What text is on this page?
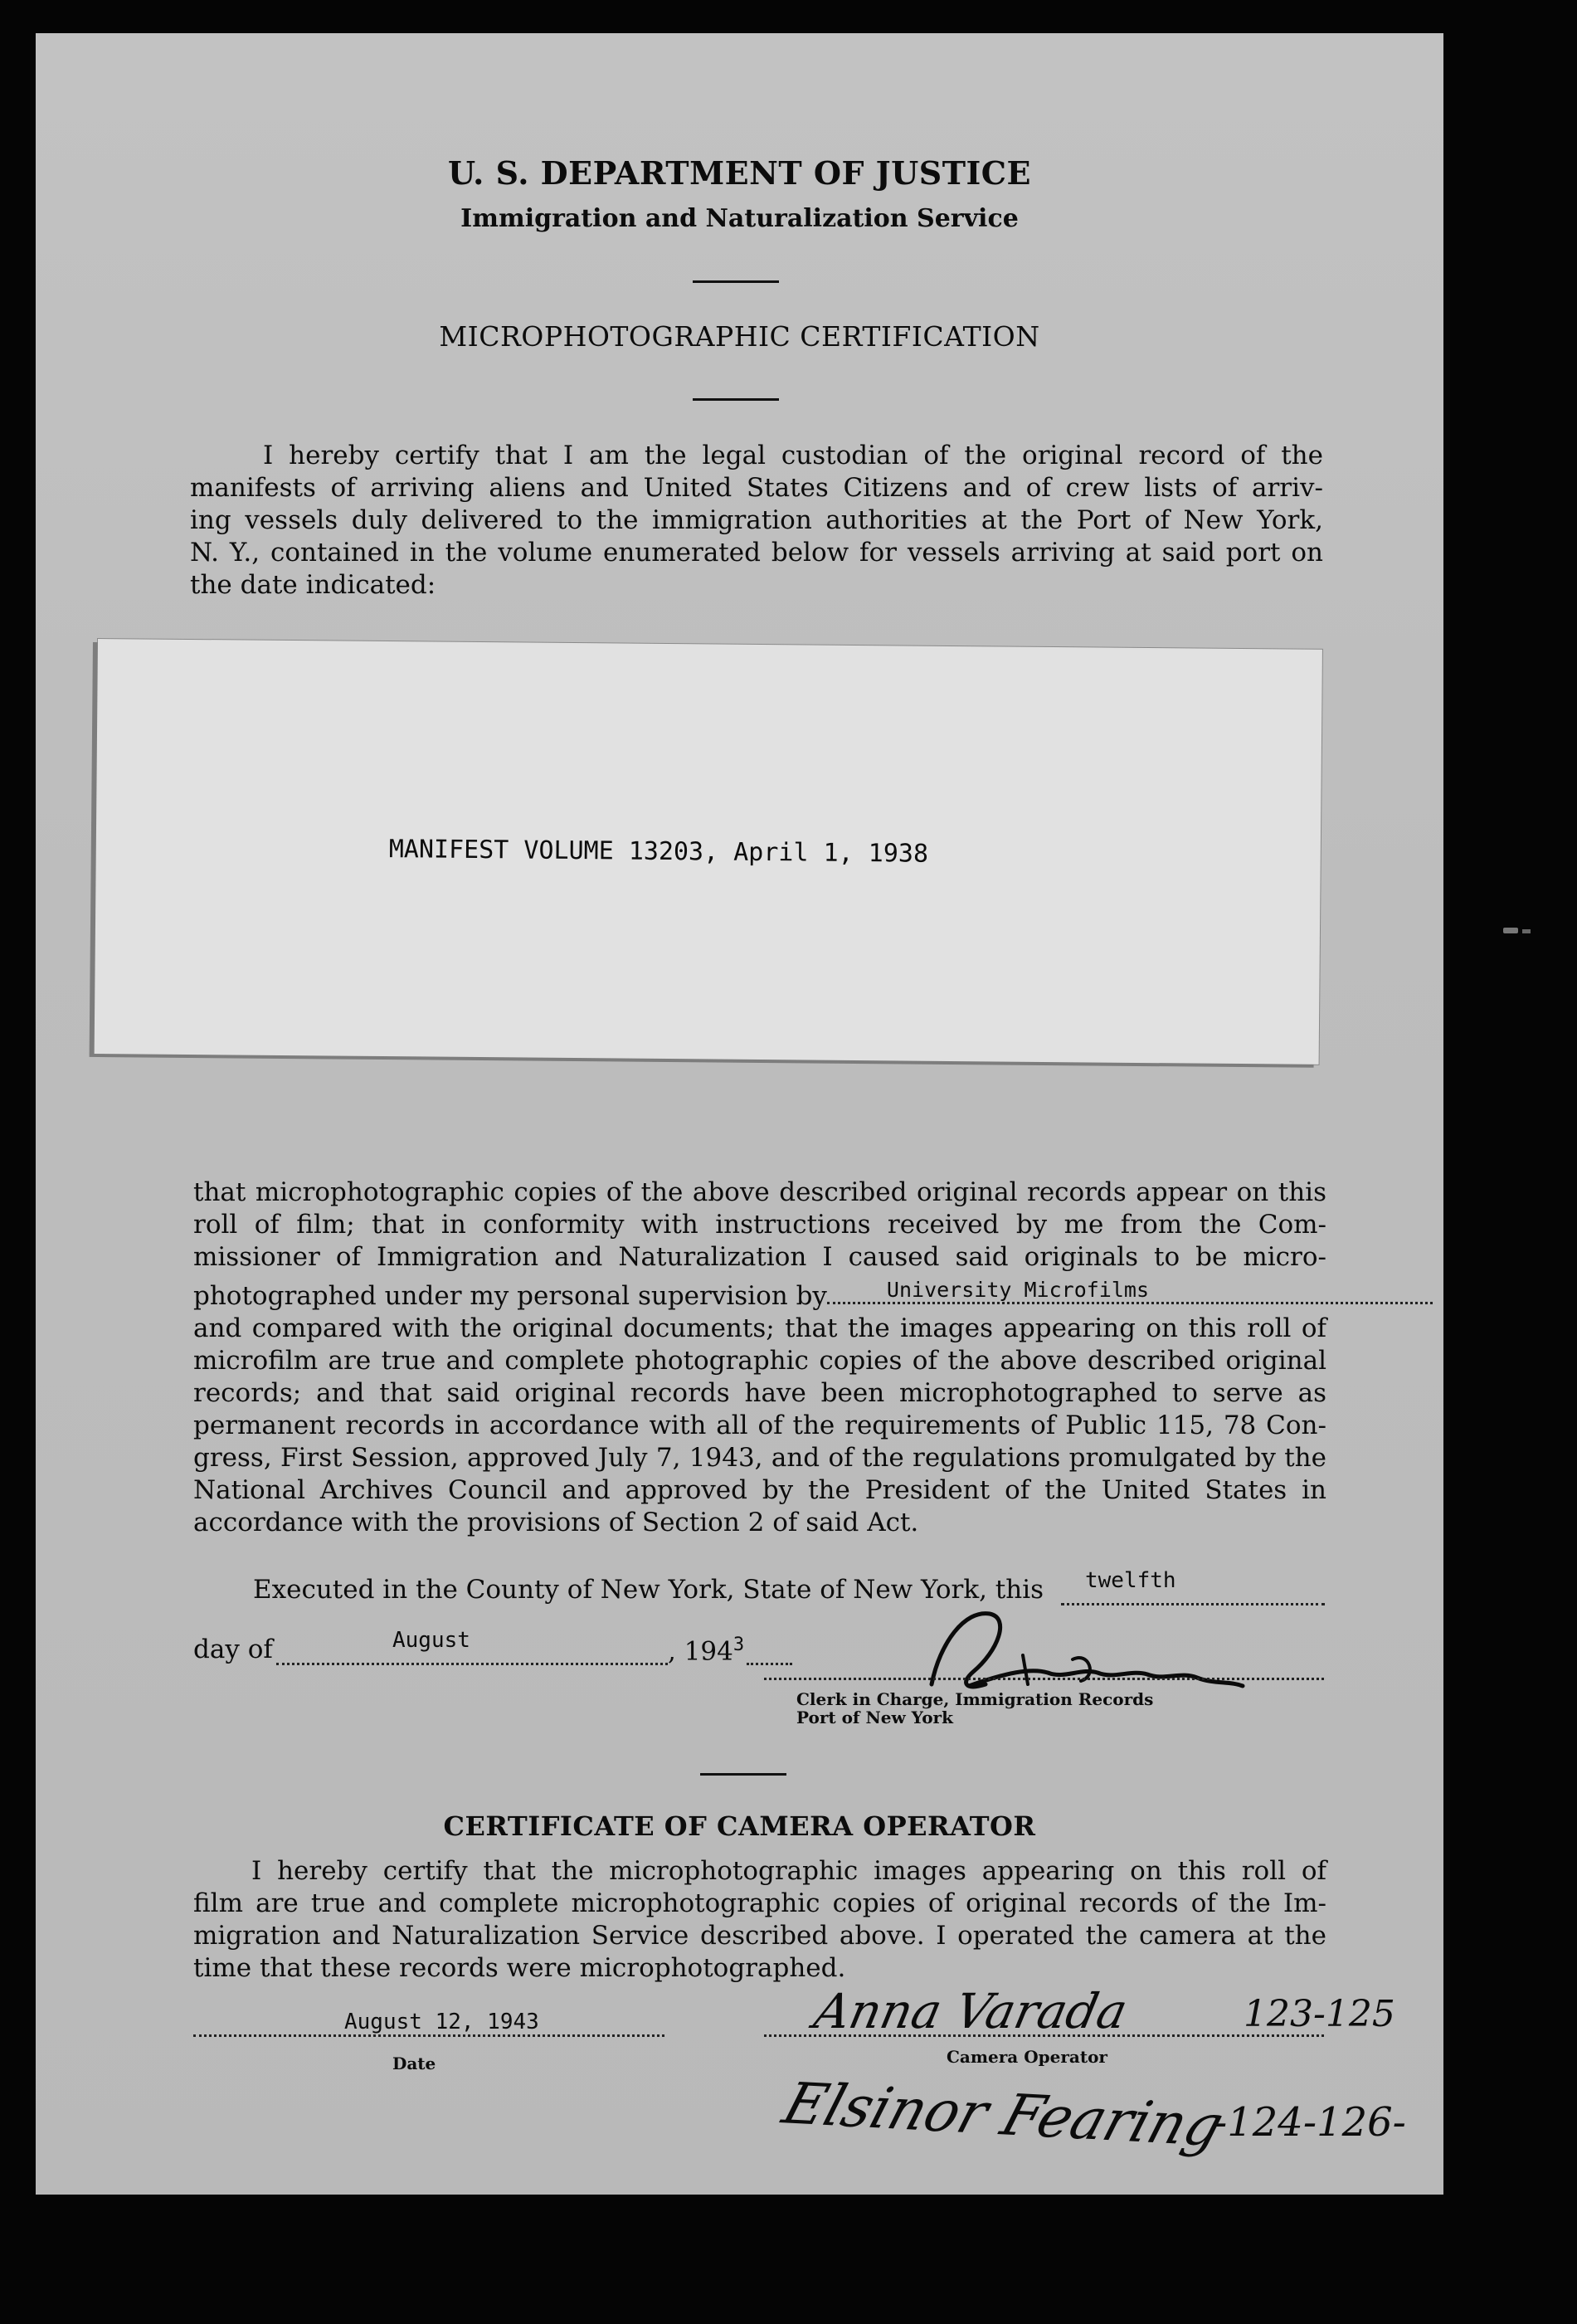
U. S. DEPARTMENT OF JUSTICE
Immigration and Naturalization Service
MICROPHOTOGRAPHIC CERTIFICATION
I hereby certify that I am the legal custodian of the original record of the
manifests of arriving aliens and United States Citizens and of crew lists of arriv-
ing vessels duly delivered to the immigration authorities at the Port of New York,
N. Y., contained in the volume enumerated below for vessels arriving at said port on
the date indicated:
MANIFEST VOLUME 13203, April 1, 1938
that microphotographic copies of the above described original records appear on this
roll of film; that in conformity with instructions received by me from the Com-
missioner of Immigration and Naturalization I caused said originals to be micro-
photographed under my personal supervision by	University Microfilms
and compared with the original documents; that the images appearing on this roll of
microfilm are true and complete photographic copies of the above described original
records; and that said original records have been microphotographed to serve as
permanent records in accordance with all of the requirements of Public 115, 78 Con-
gress, First Session, approved July 7, 1943, and of the regulations promulgated by the
National Archives Council and approved by the President of the United States in
accordance with the provisions of Section 2 of said Act.
Executed in the County of New York, State of New York, this twelfth
day of	August	, $194^3$
Clerk in Charge, Immigration Records
Port of New York
CERTIFICATE OF CAMERA OPERATOR
I hereby certify that the microphotographic images appearing on this roll of
film are true and complete microphotographic copies of original records of the Im-
migration and Naturalization Service described above. I operated the camera at the
time that these records were microphotographed.
August 12, 1943
Date
Anna Varada	123-125
Camera Operator
Elsinor Fearing
-124-126-
